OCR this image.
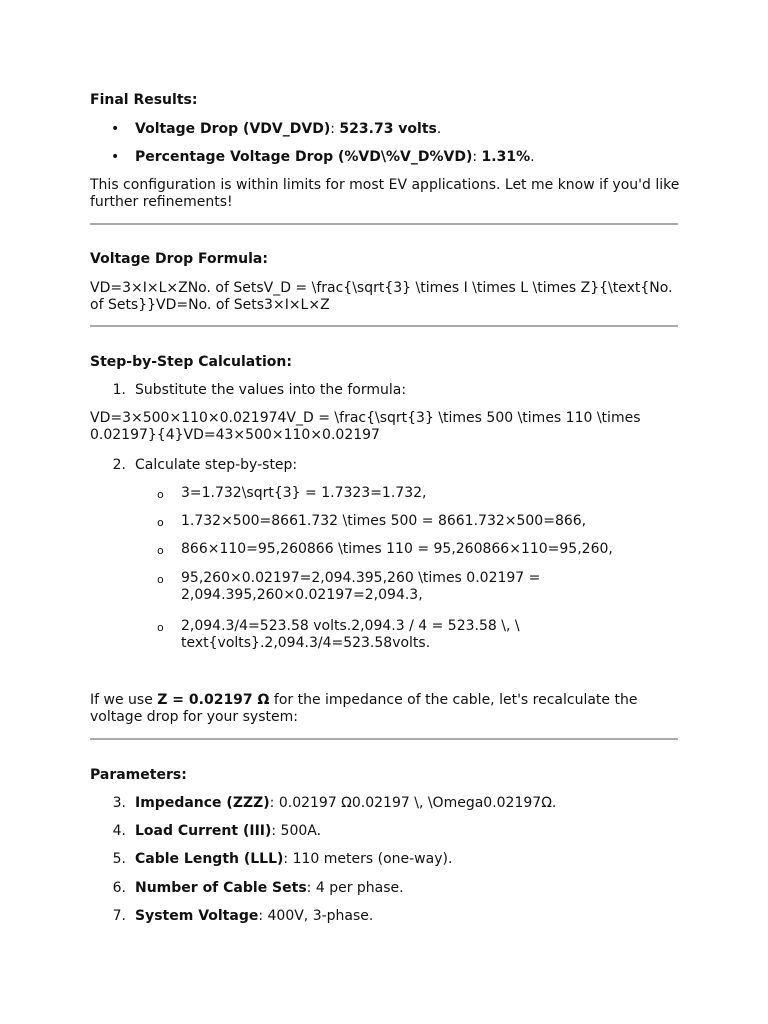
Final Results:
• Voltage Drop (VDV_DVD): 523.73 volts.
• Percentage Voltage Drop (%VD\%V_D%VD): 1.31%.
This configuration is within limits for most EV applications. Let me know if you'd like further refinements!
Voltage Drop Formula:
VD=3×I×L×ZNo. of SetsV_D = \frac{\sqrt{3} \times I \times L \times Z}{\text{No. of Sets}}VD=No. of Sets3×I×L×Z
Step-by-Step Calculation:
1. Substitute the values into the formula:
VD=3×500×110×0.021974V_D = \frac{\sqrt{3} \times 500 \times 110 \times 0.02197}{4}VD=43×500×110×0.02197
2. Calculate step-by-step:
o 3=1.732\sqrt{3} = 1.7323=1.732,
o 1.732×500=8661.732 \times 500 = 8661.732×500=866,
o 866×110=95,260866 \times 110 = 95,260866×110=95,260,
o 95,260×0.02197=2,094.395,260 \times 0.02197 = 2,094.395,260×0.02197=2,094.3,
o 2,094.3/4=523.58 volts.2,094.3 / 4 = 523.58 \, \ text{volts}.2,094.3/4=523.58volts.
If we use Z = 0.02197 Ω for the impedance of the cable, let's recalculate the voltage drop for your system:
Parameters:
3. Impedance (ZZZ): 0.02197 Ω0.02197 \, \Omega0.02197Ω.
4. Load Current (III): 500A.
5. Cable Length (LLL): 110 meters (one-way).
6. Number of Cable Sets: 4 per phase.
7. System Voltage: 400V, 3-phase.
